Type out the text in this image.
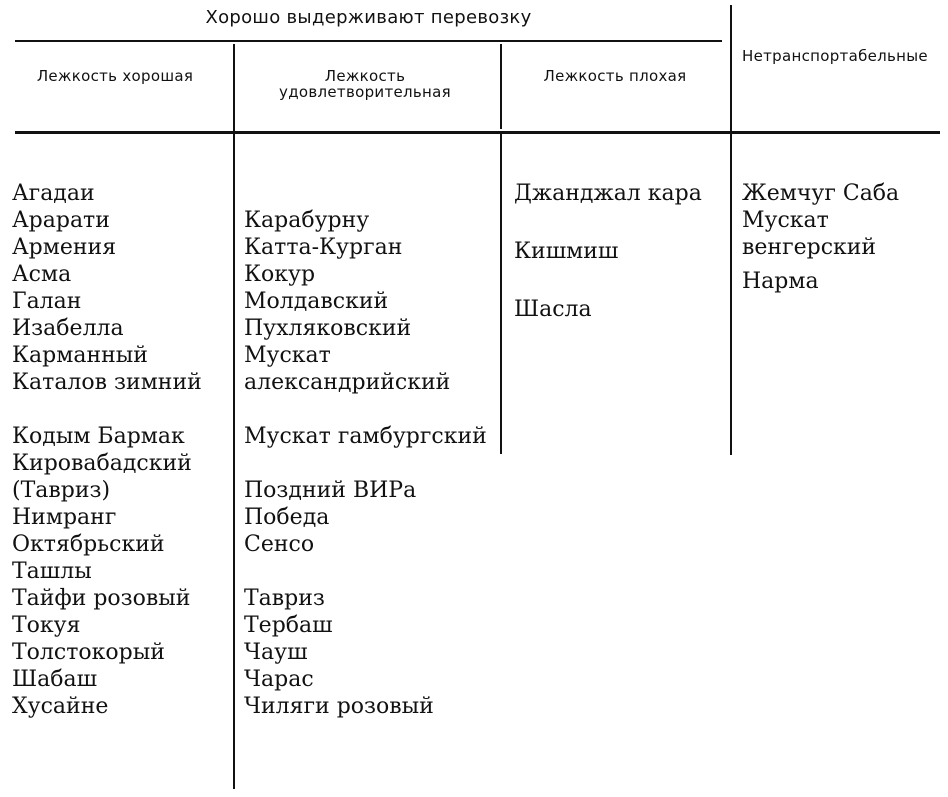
Хорошо выдерживают перевозку
Лежкость хорошая	Лежкость удовлетворительная
Лежкость плохая
Нетранспортабельные
Агадаи
Арарати
Армения
Асма
Галан
Изабелла
Карманный
Каталов зимний
Кодым Бармак
Кировабадский (Тавриз)
Нимранг
Октябрьский
Ташлы
Тайфи розовый
Токуя
Толстокорый
Шабаш
Хусайне
Карабурну
Катта-Курган
Кокур
Молдавский
Пухляковский
Мускат александрийский
Мускат гамбургский
Поздний ВИРа
Победа
Сенсо
Тавриз
Тербаш
Чауш
Чарас
Чиляги розовый
Джанджал кара
Кишмиш
Шасла
Жемчуг Саба
Мускат венгерский
Нарма
